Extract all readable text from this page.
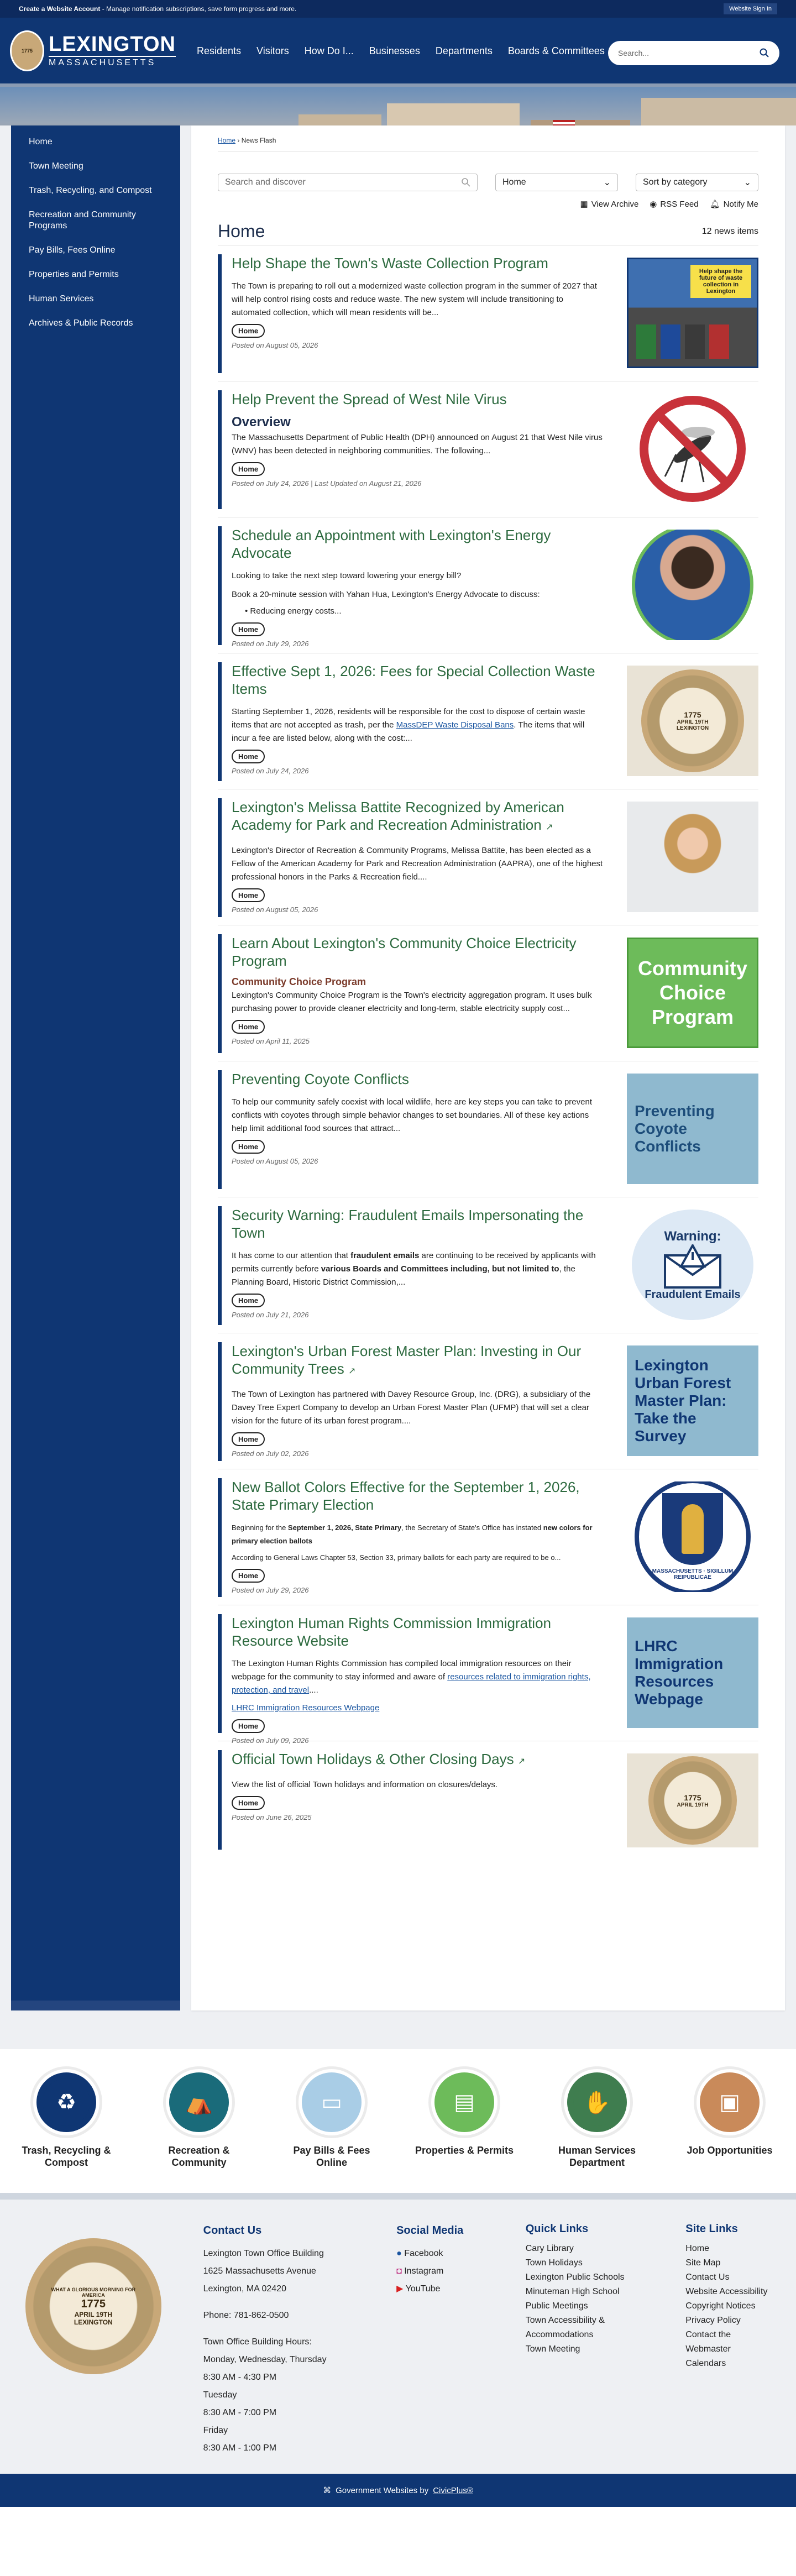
Create a Website Account - Manage notification subscriptions, save form progress and more.	Website Sign In
1775 LEXINGTON
MASSACHUSETTS
Residents	Visitors	How Do I...	Businesses	Departments	Boards & Committees	Search...
Home
Town Meeting
Trash, Recycling, and Compost
Recreation and Community Programs
Pay Bills, Fees Online
Properties and Permits
Human Services
Archives & Public Records
Home › News Flash
Search and discover	Home	⌄	Sort by category	⌄
▦ View Archive ◉ RSS Feed 🔔︎ Notify Me
Home	12 news items
Help Shape the Town's Waste Collection Program

The Town is preparing to roll out a modernized waste collection program in the summer of 2027 that will help control rising costs and reduce waste. The new system will include transitioning to automated collection, which will mean residents will be...

Home
Posted on August 05, 2026
Help shape the future of waste collection in Lexington
Help Prevent the Spread of West Nile Virus
Overview

The Massachusetts Department of Public Health (DPH) announced on August 21 that West Nile virus (WNV) has been detected in neighboring communities. The following...

Home
Posted on July 24, 2026 | Last Updated on August 21, 2026
Schedule an Appointment with Lexington's Energy Advocate

Looking to take the next step toward lowering your energy bill?

Book a 20-minute session with Yahan Hua, Lexington's Energy Advocate to discuss:

• Reducing energy costs...

Home
Posted on July 29, 2026
Effective Sept 1, 2026: Fees for Special Collection Waste Items

Starting September 1, 2026, residents will be responsible for the cost to dispose of certain waste items that are not accepted as trash, per the MassDEP Waste Disposal Bans. The items that will incur a fee are listed below, along with the cost:...

Home
Posted on July 24, 2026
1775
APRIL 19TH
LEXINGTON
Lexington's Melissa Battite Recognized by American Academy for Park and Recreation Administration ↗

Lexington's Director of Recreation & Community Programs, Melissa Battite, has been elected as a Fellow of the American Academy for Park and Recreation Administration (AAPRA), one of the highest professional honors in the Parks & Recreation field....

Home
Posted on August 05, 2026
Learn About Lexington's Community Choice Electricity Program
Community Choice Program

Lexington's Community Choice Program is the Town's electricity aggregation program. It uses bulk purchasing power to provide cleaner electricity and long-term, stable electricity supply cost...

Home
Posted on April 11, 2025
Community Choice Program
Preventing Coyote Conflicts

To help our community safely coexist with local wildlife, here are key steps you can take to prevent conflicts with coyotes through simple behavior changes to set boundaries. All of these key actions help limit additional food sources that attract...

Home
Posted on August 05, 2026
Preventing Coyote Conflicts
Security Warning: Fraudulent Emails Impersonating the Town

It has come to our attention that fraudulent emails are continuing to be received by applicants with permits currently before various Boards and Committees including, but not limited to, the Planning Board, Historic District Commission,...

Home
Posted on July 21, 2026
Warning:
Fraudulent Emails
Lexington's Urban Forest Master Plan: Investing in Our Community Trees ↗

The Town of Lexington has partnered with Davey Resource Group, Inc. (DRG), a subsidiary of the Davey Tree Expert Company to develop an Urban Forest Master Plan (UFMP) that will set a clear vision for the future of its urban forest program....

Home
Posted on July 02, 2026
Lexington Urban Forest Master Plan: Take the Survey
New Ballot Colors Effective for the September 1, 2026, State Primary Election

Beginning for the September 1, 2026, State Primary, the Secretary of State's Office has instated new colors for primary election ballots

According to General Laws Chapter 53, Section 33, primary ballots for each party are required to be o...

Home
Posted on July 29, 2026
MASSACHUSETTS · SIGILLUM REIPUBLICAE
Lexington Human Rights Commission Immigration Resource Website

The Lexington Human Rights Commission has compiled local immigration resources on their webpage for the community to stay informed and aware of resources related to immigration rights, protection, and travel....

LHRC Immigration Resources Webpage

Home
Posted on July 09, 2026
LHRC Immigration Resources Webpage
Official Town Holidays & Other Closing Days ↗

View the list of official Town holidays and information on closures/delays.

Home
Posted on June 26, 2025
1775
APRIL 19TH
♻
Trash, Recycling & Compost
⛺
Recreation & Community
▭
Pay Bills & Fees Online
▤
Properties & Permits
✋
Human Services Department
▣
Job Opportunities
WHAT A GLORIOUS MORNING FOR AMERICA
1775
APRIL 19TH
LEXINGTON
Contact Us
Lexington Town Office Building
1625 Massachusetts Avenue
Lexington, MA 02420
Phone: 781-862-0500
Town Office Building Hours:
Monday, Wednesday, Thursday
8:30 AM - 4:30 PM
Tuesday
8:30 AM - 7:00 PM
Friday
8:30 AM - 1:00 PM
Social Media
● Facebook
◘ Instagram
▶ YouTube
Quick Links
Cary Library
Town Holidays
Lexington Public Schools
Minuteman High School
Public Meetings
Town Accessibility & Accommodations
Town Meeting
Site Links
Home
Site Map
Contact Us
Website Accessibility
Copyright Notices
Privacy Policy
Contact the Webmaster
Calendars
⌘ Government Websites by CivicPlus®
